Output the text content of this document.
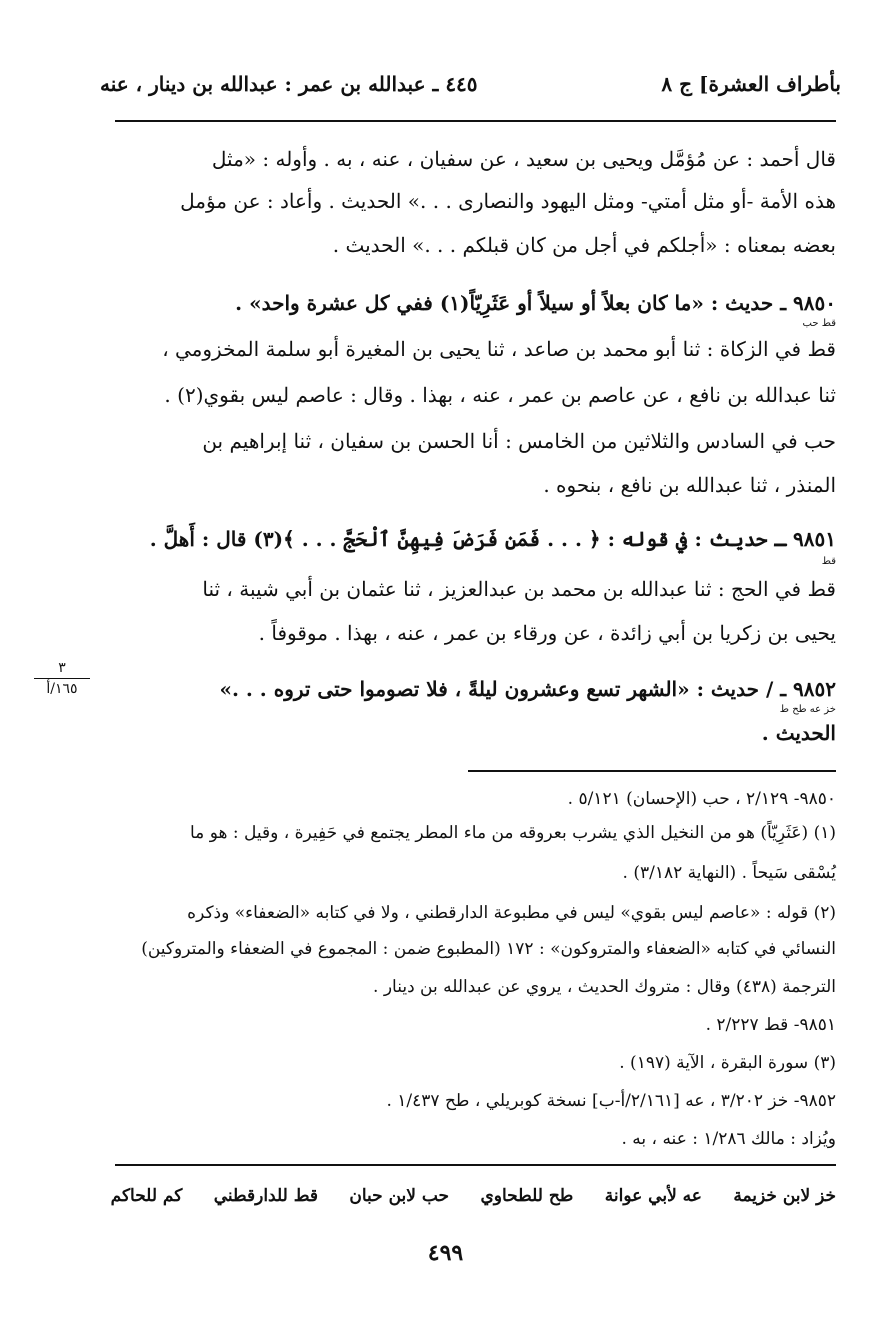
بأطراف العشرة] ج ٨
٤٤٥ ـ عبدالله بن عمر : عبدالله بن دينار ، عنه
قال أحمد : عن مُؤمَّل ويحيى بن سعيد ، عن سفيان ، عنه ، به . وأوله : «مثل
هذه الأمة -أو مثل أمتي- ومثل اليهود والنصارى . . .» الحديث . وأعاد : عن مؤمل
بعضه بمعناه : «أجلكم في أجل من كان قبلكم . . .» الحديث .
٩٨٥٠ ـ حديث : «ما كان بعلاً أو سيلاً أو عَثَرِيّاً(١) ففي كل عشرة واحد» .
قط حب
قط في الزكاة : ثنا أبو محمد بن صاعد ، ثنا يحيى بن المغيرة أبو سلمة المخزومي ،
ثنا عبدالله بن نافع ، عن عاصم بن عمر ، عنه ، بهذا . وقال : عاصم ليس بقوي(٢) .
حب في السادس والثلاثين من الخامس : أنا الحسن بن سفيان ، ثنا إبراهيم بن
المنذر ، ثنا عبدالله بن نافع ، بنحوه .
٩٨٥١ ـ حديث : في قوله : ﴿ . . . فَمَن فَرَضَ فِيهِنَّ ٱلْحَجَّ . . . ﴾(٣) قال : أَهلَّ .
قط
قط في الحج : ثنا عبدالله بن محمد بن عبدالعزيز ، ثنا عثمان بن أبي شيبة ، ثنا
يحيى بن زكريا بن أبي زائدة ، عن ورقاء بن عمر ، عنه ، بهذا . موقوفاً .
٩٨٥٢ ـ / حديث : «الشهر تسع وعشرون ليلةً ، فلا تصوموا حتى تروه . . .»
خز عه طح ط
الحديث .
٣
١٦٥/أ
٩٨٥٠- ٢/١٢٩ ، حب (الإحسان) ٥/١٢١ .
(١) (عَثَرِيّاً) هو من النخيل الذي يشرب بعروقه من ماء المطر يجتمع في حَفِيرة ، وقيل : هو ما
يُسْقى سَيحاً . (النهاية ٣/١٨٢) .
(٢) قوله : «عاصم ليس بقوي» ليس في مطبوعة الدارقطني ، ولا في كتابه «الضعفاء» وذكره
النسائي في كتابه «الضعفاء والمتروكون» : ١٧٢ (المطبوع ضمن : المجموع في الضعفاء والمتروكين)
الترجمة (٤٣٨) وقال : متروك الحديث ، يروي عن عبدالله بن دينار .
٩٨٥١- قط ٢/٢٢٧ .
(٣) سورة البقرة ، الآية (١٩٧) .
٩٨٥٢- خز ٣/٢٠٢ ، عه [٢/١٦١/أ-ب] نسخة كوبريلي ، طح ١/٤٣٧ .
ويُزاد : مالك ١/٢٨٦ : عنه ، به .
خز لابن خزيمة عه لأبي عوانة طح للطحاوي حب لابن حبان قط للدارقطني كم للحاكم
٤٩٩
